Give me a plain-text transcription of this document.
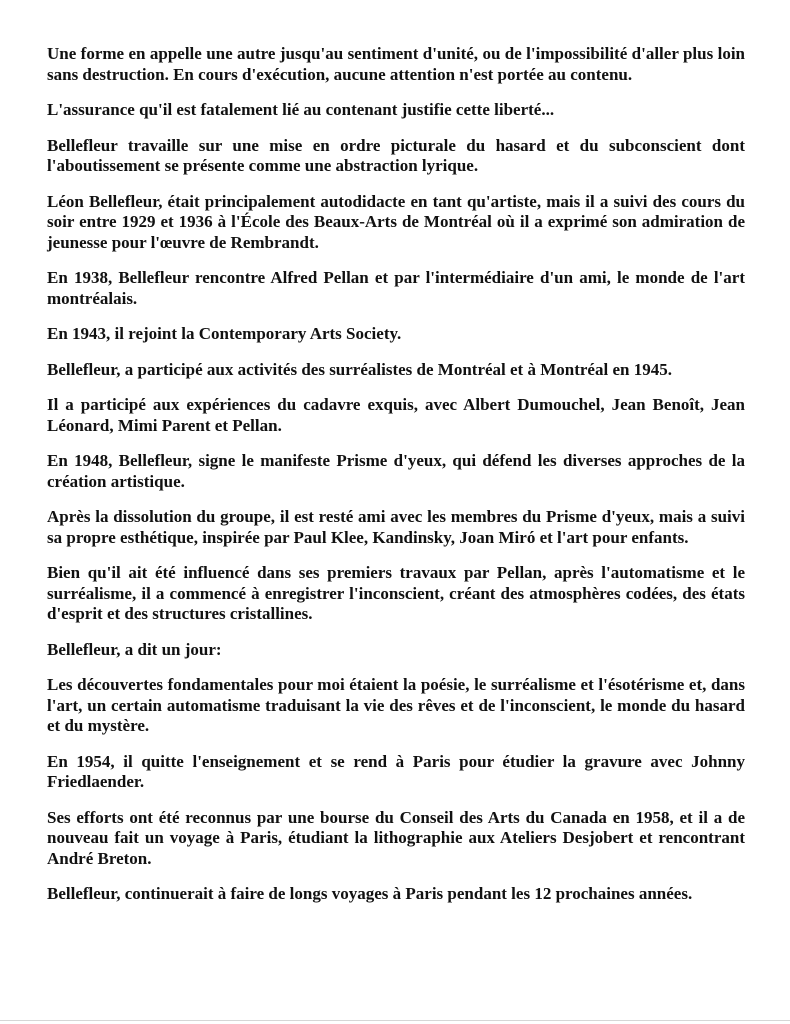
Une forme en appelle une autre jusqu'au sentiment d'unité, ou de l'impossibilité d'aller plus loin sans destruction. En cours d'exécution, aucune attention n'est portée au contenu.

L'assurance qu'il est fatalement lié au contenant justifie cette liberté...

Bellefleur travaille sur une mise en ordre picturale du hasard et du subconscient dont l'aboutissement se présente comme une abstraction lyrique.

Léon Bellefleur, était principalement autodidacte en tant qu'artiste, mais il a suivi des cours du soir entre 1929 et 1936 à l'École des Beaux-Arts de Montréal où il a exprimé son admiration de jeunesse pour l'œuvre de Rembrandt.

En 1938, Bellefleur rencontre Alfred Pellan et par l'intermédiaire d'un ami, le monde de l'art montréalais.

En 1943, il rejoint la Contemporary Arts Society.

Bellefleur, a participé aux activités des surréalistes de Montréal et à Montréal en 1945.

Il a participé aux expériences du cadavre exquis, avec Albert Dumouchel, Jean Benoît, Jean Léonard, Mimi Parent et Pellan.

En 1948, Bellefleur, signe le manifeste Prisme d'yeux, qui défend les diverses approches de la création artistique.

Après la dissolution du groupe, il est resté ami avec les membres du Prisme d'yeux, mais a suivi sa propre esthétique, inspirée par Paul Klee, Kandinsky, Joan Miró et l'art pour enfants.

Bien qu'il ait été influencé dans ses premiers travaux par Pellan, après l'automatisme et le surréalisme, il a commencé à enregistrer l'inconscient, créant des atmosphères codées, des états d'esprit et des structures cristallines.

Bellefleur, a dit un jour:

Les découvertes fondamentales pour moi étaient la poésie, le surréalisme et l'ésotérisme et, dans l'art, un certain automatisme traduisant la vie des rêves et de l'inconscient, le monde du hasard et du mystère.

En 1954, il quitte l'enseignement et se rend à Paris pour étudier la gravure avec Johnny Friedlaender.

Ses efforts ont été reconnus par une bourse du Conseil des Arts du Canada en 1958, et il a de nouveau fait un voyage à Paris, étudiant la lithographie aux Ateliers Desjobert et rencontrant André Breton.

Bellefleur, continuerait à faire de longs voyages à Paris pendant les 12 prochaines années.
